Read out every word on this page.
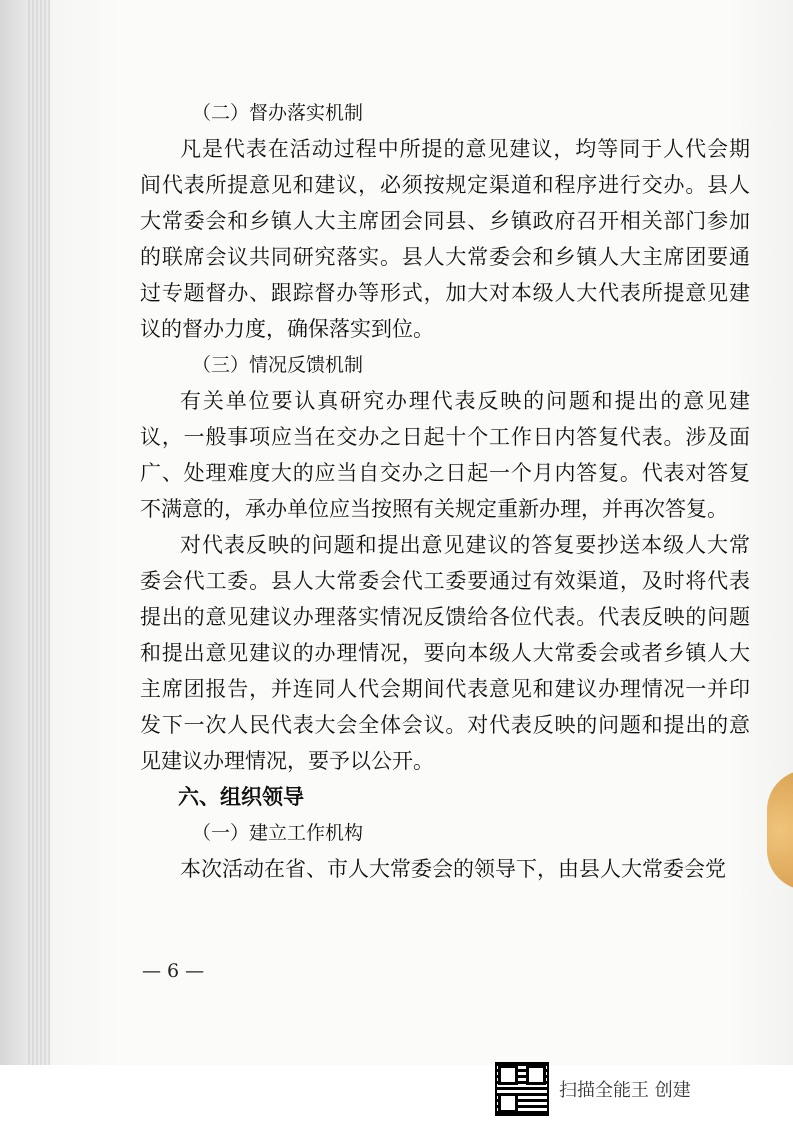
（二）督办落实机制
凡是代表在活动过程中所提的意见建议，均等同于人代会期
间代表所提意见和建议，必须按规定渠道和程序进行交办。县人
大常委会和乡镇人大主席团会同县、乡镇政府召开相关部门参加
的联席会议共同研究落实。县人大常委会和乡镇人大主席团要通
过专题督办、跟踪督办等形式，加大对本级人大代表所提意见建
议的督办力度，确保落实到位。
（三）情况反馈机制
有关单位要认真研究办理代表反映的问题和提出的意见建
议，一般事项应当在交办之日起十个工作日内答复代表。涉及面
广、处理难度大的应当自交办之日起一个月内答复。代表对答复
不满意的，承办单位应当按照有关规定重新办理，并再次答复。
对代表反映的问题和提出意见建议的答复要抄送本级人大常
委会代工委。县人大常委会代工委要通过有效渠道，及时将代表
提出的意见建议办理落实情况反馈给各位代表。代表反映的问题
和提出意见建议的办理情况，要向本级人大常委会或者乡镇人大
主席团报告，并连同人代会期间代表意见和建议办理情况一并印
发下一次人民代表大会全体会议。对代表反映的问题和提出的意
见建议办理情况，要予以公开。
六、组织领导
（一）建立工作机构
本次活动在省、市人大常委会的领导下，由县人大常委会党
— 6 —
扫描全能王 创建
